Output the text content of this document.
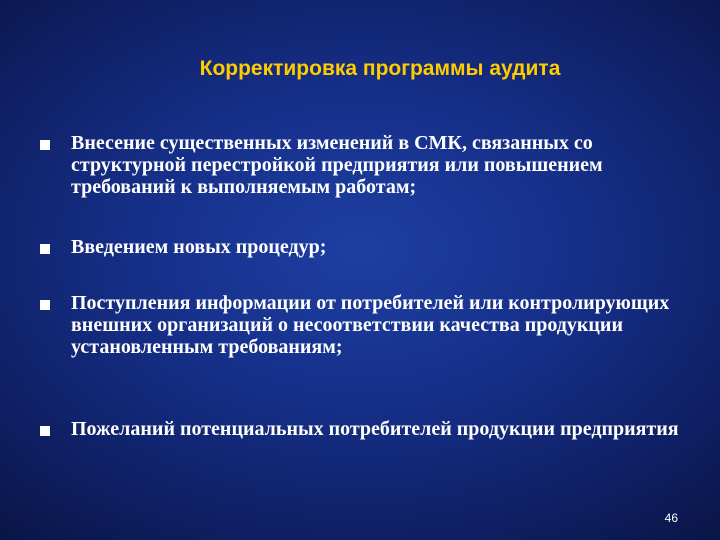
Корректировка программы аудита
Внесение существенных изменений в СМК, связанных со структурной перестройкой предприятия или повышением требований к выполняемым работам;
Введением новых процедур;
Поступления информации от потребителей или контролирующих внешних организаций о несоответствии качества продукции установленным требованиям;
Пожеланий потенциальных потребителей продукции предприятия
46
